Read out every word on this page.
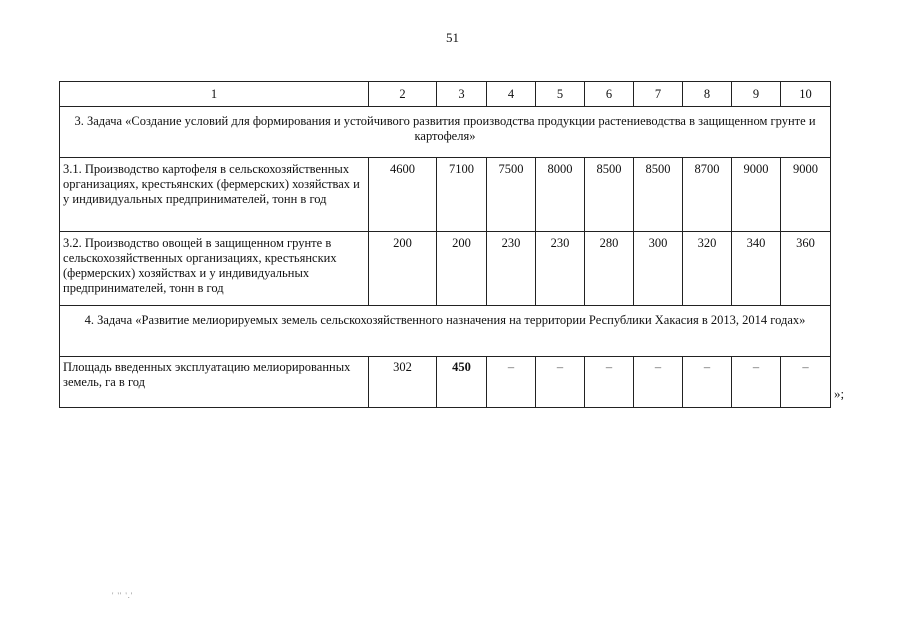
51
1	2	3	4	5	6	7	8	9	10
3. Задача «Создание условий для формирования и устойчивого развития производства продукции растениеводства в защищенном грунте и картофеля»									
3.1. Производство картофеля в сельскохозяйственных организациях, крестьянских (фермерских) хозяйствах и у индивидуальных предпринимателей, тонн в год	4600	7100	7500	8000	8500	8500	8700	9000	9000
3.2. Производство овощей в защищенном грунте в сельскохозяйственных организациях, крестьянских (фермерских) хозяйствах и у индивидуальных предпринимателей, тонн в год	200	200	230	230	280	300	320	340	360
4. Задача «Развитие мелиорируемых земель сельскохозяйственного назначения на территории Республики Хакасия в 2013, 2014 годах»									
Площадь введенных эксплуатацию мелиорированных земель, га в год	302	450	–	–	–	–	–	–	–
»;
' '' '.'
